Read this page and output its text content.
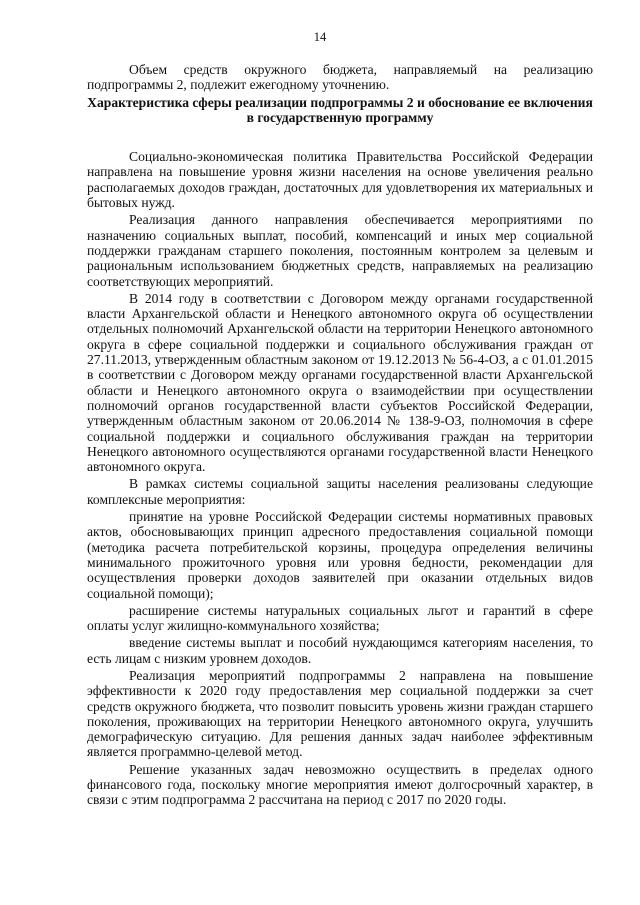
14

Объем средств окружного бюджета, направляемый на реализацию подпрограммы 2, подлежит ежегодному уточнению.

Характеристика сферы реализации подпрограммы 2 и обоснование ее включения в государственную программу

Социально-экономическая политика Правительства Российской Федерации направлена на повышение уровня жизни населения на основе увеличения реально располагаемых доходов граждан, достаточных для удовлетворения их материальных и бытовых нужд.

Реализация данного направления обеспечивается мероприятиями по назначению социальных выплат, пособий, компенсаций и иных мер социальной поддержки гражданам старшего поколения, постоянным контролем за целевым и рациональным использованием бюджетных средств, направляемых на реализацию соответствующих мероприятий.

В 2014 году в соответствии с Договором между органами государственной власти Архангельской области и Ненецкого автономного округа об осуществлении отдельных полномочий Архангельской области на территории Ненецкого автономного округа в сфере социальной поддержки и социального обслуживания граждан от 27.11.2013, утвержденным областным законом от 19.12.2013 № 56-4-ОЗ, а с 01.01.2015 в соответствии с Договором между органами государственной власти Архангельской области и Ненецкого автономного округа о взаимодействии при осуществлении полномочий органов государственной власти субъектов Российской Федерации, утвержденным областным законом от 20.06.2014 № 138-9-ОЗ, полномочия в сфере социальной поддержки и социального обслуживания граждан на территории Ненецкого автономного осуществляются органами государственной власти Ненецкого автономного округа.

В рамках системы социальной защиты населения реализованы следующие комплексные мероприятия:

принятие на уровне Российской Федерации системы нормативных правовых актов, обосновывающих принцип адресного предоставления социальной помощи (методика расчета потребительской корзины, процедура определения величины минимального прожиточного уровня или уровня бедности, рекомендации для осуществления проверки доходов заявителей при оказании отдельных видов социальной помощи);

расширение системы натуральных социальных льгот и гарантий в сфере оплаты услуг жилищно-коммунального хозяйства;

введение системы выплат и пособий нуждающимся категориям населения, то есть лицам с низким уровнем доходов.

Реализация мероприятий подпрограммы 2 направлена на повышение эффективности к 2020 году предоставления мер социальной поддержки за счет средств окружного бюджета, что позволит повысить уровень жизни граждан старшего поколения, проживающих на территории Ненецкого автономного округа, улучшить демографическую ситуацию. Для решения данных задач наиболее эффективным является программно-целевой метод.

Решение указанных задач невозможно осуществить в пределах одного финансового года, поскольку многие мероприятия имеют долгосрочный характер, в связи с этим подпрограмма 2 рассчитана на период с 2017 по 2020 годы.
